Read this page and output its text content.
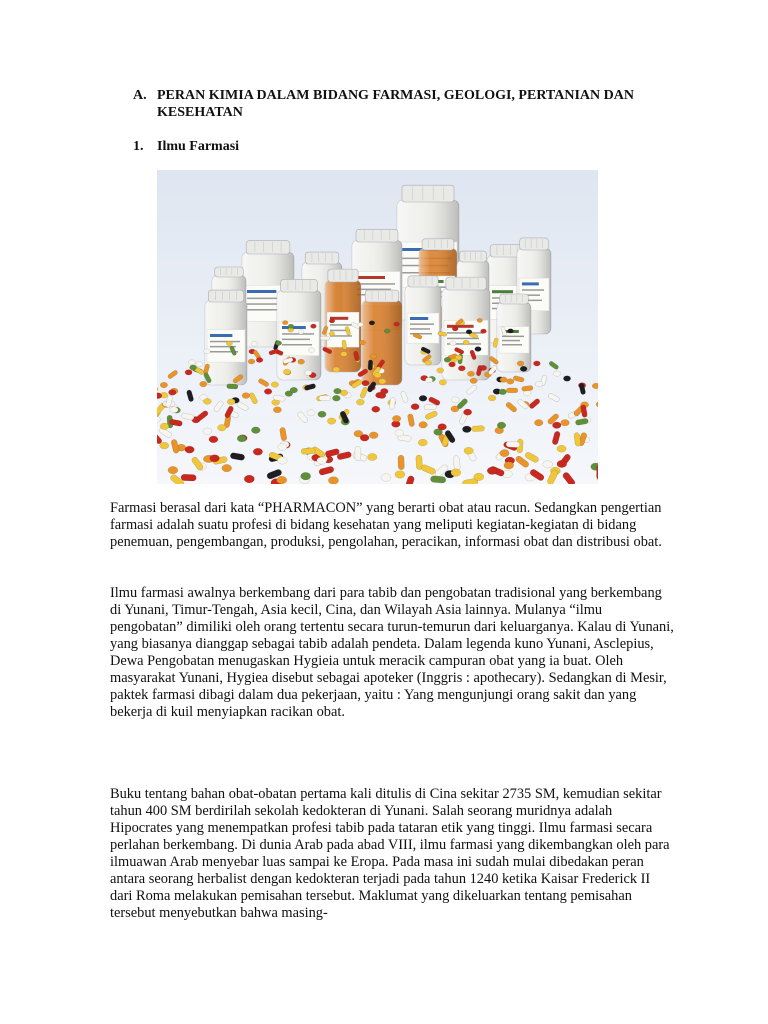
A. PERAN KIMIA DALAM BIDANG FARMASI, GEOLOGI, PERTANIAN DAN KESEHATAN
1. Ilmu Farmasi

Farmasi berasal dari kata “PHARMACON” yang berarti obat atau racun. Sedangkan pengertian farmasi adalah suatu profesi di bidang kesehatan yang meliputi kegiatan-kegiatan di bidang penemuan, pengembangan, produksi, pengolahan, peracikan, informasi obat dan distribusi obat.

Ilmu farmasi awalnya berkembang dari para tabib dan pengobatan tradisional yang berkembang di Yunani, Timur-Tengah, Asia kecil, Cina, dan Wilayah Asia lainnya. Mulanya “ilmu pengobatan” dimiliki oleh orang tertentu secara turun-temurun dari keluarganya. Kalau di Yunani, yang biasanya dianggap sebagai tabib adalah pendeta. Dalam legenda kuno Yunani, Asclepius, Dewa Pengobatan menugaskan Hygieia untuk meracik campuran obat yang ia buat. Oleh masyarakat Yunani, Hygiea disebut sebagai apoteker (Inggris : apothecary). Sedangkan di Mesir, paktek farmasi dibagi dalam dua pekerjaan, yaitu : Yang mengunjungi orang sakit dan yang bekerja di kuil menyiapkan racikan obat.

Buku tentang bahan obat-obatan pertama kali ditulis di Cina sekitar 2735 SM, kemudian sekitar tahun 400 SM berdirilah sekolah kedokteran di Yunani. Salah seorang muridnya adalah Hipocrates yang menempatkan profesi tabib pada tataran etik yang tinggi. Ilmu farmasi secara perlahan berkembang. Di dunia Arab pada abad VIII, ilmu farmasi yang dikembangkan oleh para ilmuawan Arab menyebar luas sampai ke Eropa. Pada masa ini sudah mulai dibedakan peran antara seorang herbalist dengan kedokteran terjadi pada tahun 1240 ketika Kaisar Frederick II dari Roma melakukan pemisahan tersebut. Maklumat yang dikeluarkan tentang pemisahan tersebut menyebutkan bahwa masing-
